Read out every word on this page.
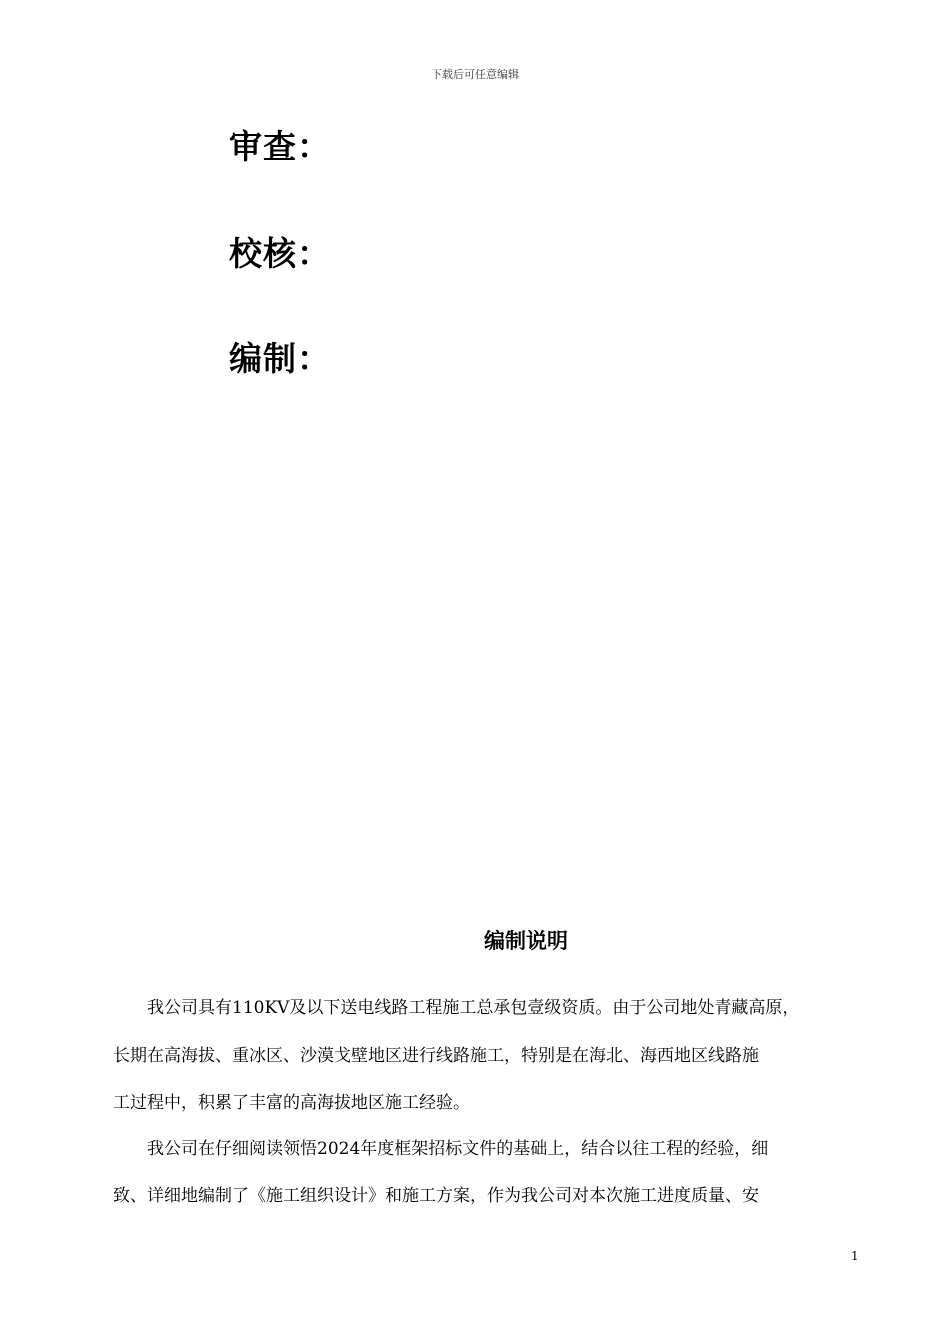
下载后可任意编辑
审查：
校核：
编制：
编制说明
　　我公司具有110KV及以下送电线路工程施工总承包壹级资质。由于公司地处青藏高原，
长期在高海拔、重冰区、沙漠戈壁地区进行线路施工，特别是在海北、海西地区线路施
工过程中，积累了丰富的高海拔地区施工经验。
　　我公司在仔细阅读领悟2024年度框架招标文件的基础上，结合以往工程的经验，细
致、详细地编制了《施工组织设计》和施工方案，作为我公司对本次施工进度质量、安
1
